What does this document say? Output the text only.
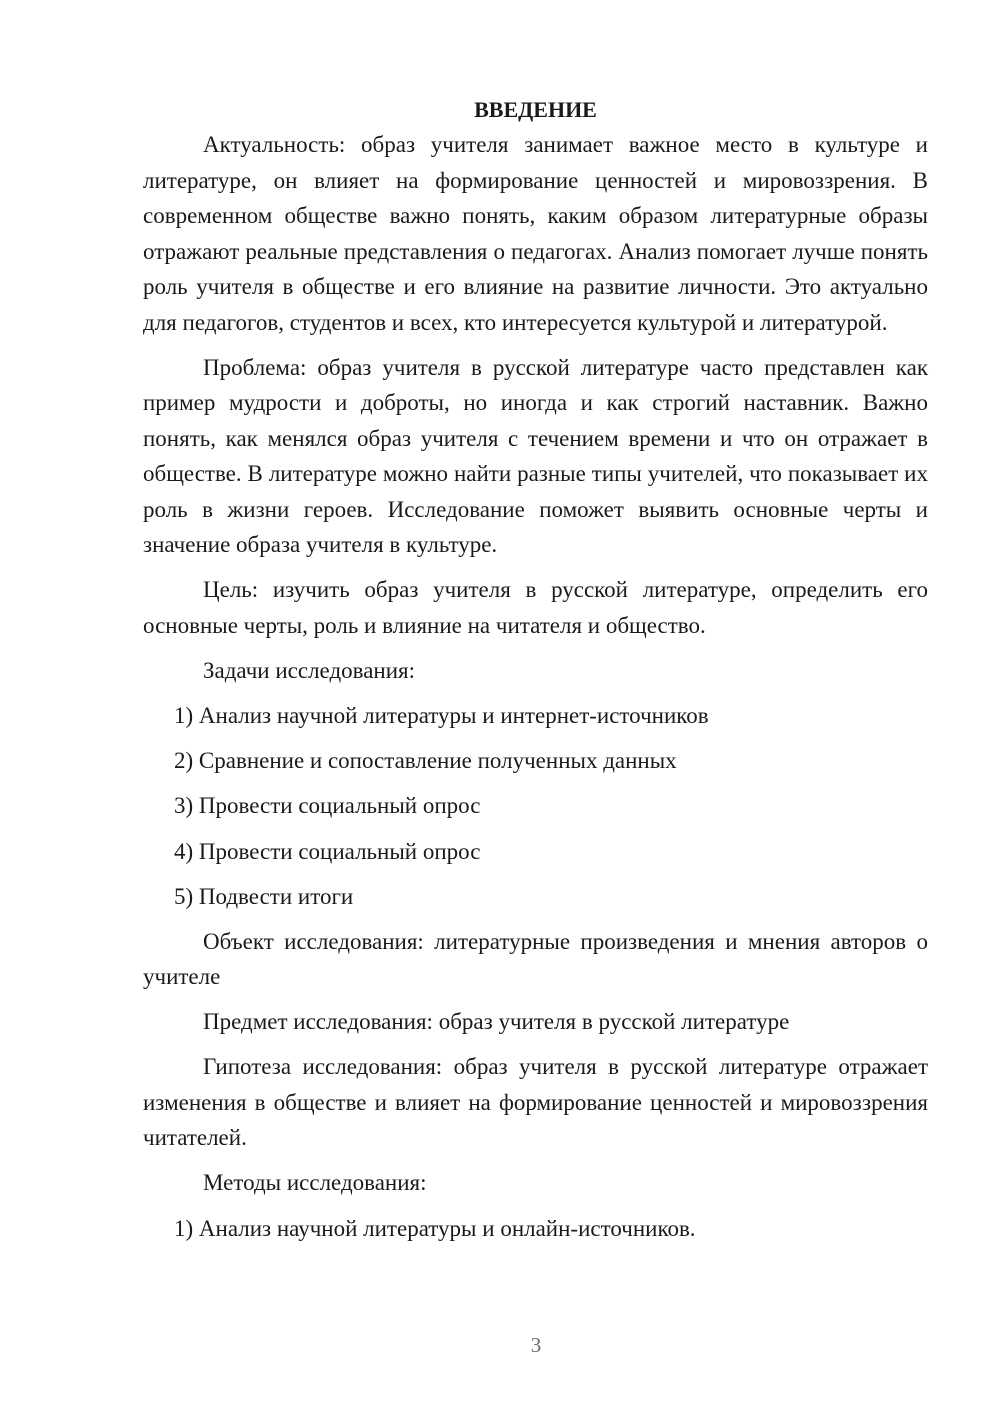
ВВЕДЕНИЕ

Актуальность: образ учителя занимает важное место в культуре и литературе, он влияет на формирование ценностей и мировоззрения. В современном обществе важно понять, каким образом литературные образы отражают реальные представления о педагогах. Анализ помогает лучше понять роль учителя в обществе и его влияние на развитие личности. Это актуально для педагогов, студентов и всех, кто интересуется культурой и литературой.

Проблема: образ учителя в русской литературе часто представлен как пример мудрости и доброты, но иногда и как строгий наставник. Важно понять, как менялся образ учителя с течением времени и что он отражает в обществе. В литературе можно найти разные типы учителей, что показывает их роль в жизни героев. Исследование поможет выявить основные черты и значение образа учителя в культуре.

Цель: изучить образ учителя в русской литературе, определить его основные черты, роль и влияние на читателя и общество.

Задачи исследования:

1) Анализ научной литературы и интернет-источников

2) Сравнение и сопоставление полученных данных

3) Провести социальный опрос

4) Провести социальный опрос

5) Подвести итоги

Объект исследования: литературные произведения и мнения авторов о учителе

Предмет исследования: образ учителя в русской литературе

Гипотеза исследования: образ учителя в русской литературе отражает изменения в обществе и влияет на формирование ценностей и мировоззрения читателей.

Методы исследования:

1) Анализ научной литературы и онлайн-источников.

3
